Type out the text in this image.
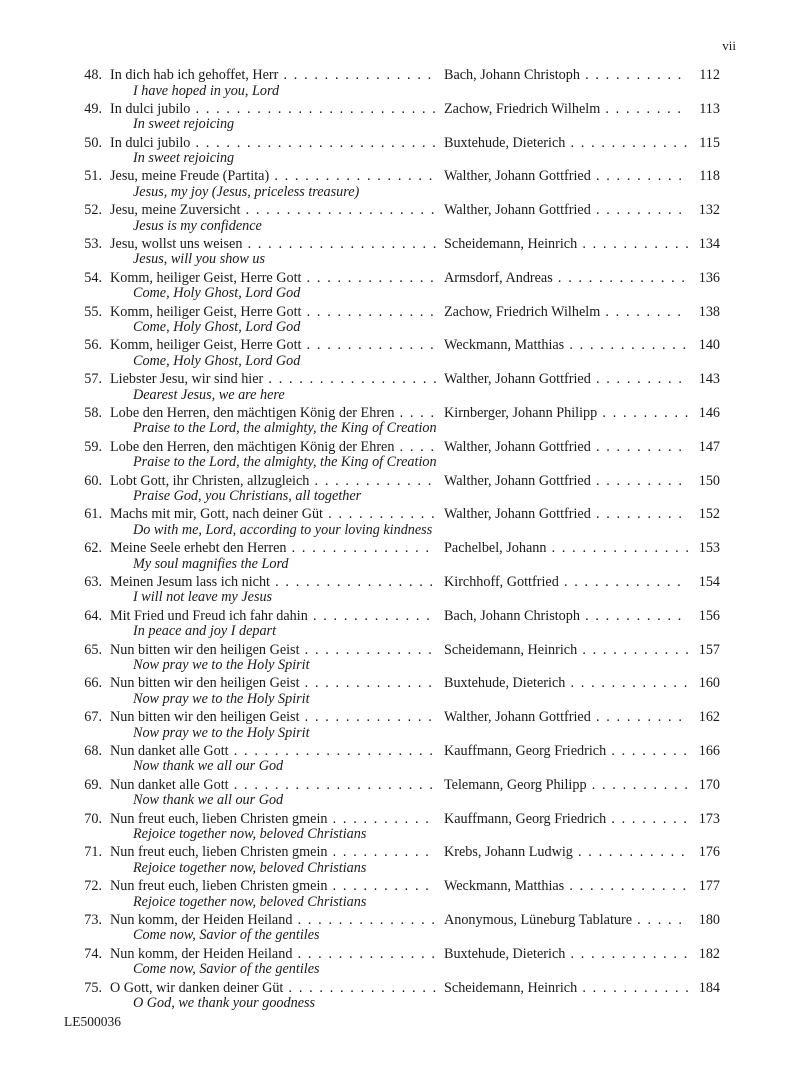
vii
48. In dich hab ich gehoffet, Herr . . .	Bach, Johann Christoph . . .	112
I have hoped in you, Lord
49. In dulci jubilo . . .	Zachow, Friedrich Wilhelm . . .	113
In sweet rejoicing
50. In dulci jubilo . . .	Buxtehude, Dieterich . . .	115
In sweet rejoicing
51. Jesu, meine Freude (Partita) . . .	Walther, Johann Gottfried . . .	118
Jesus, my joy (Jesus, priceless treasure)
52. Jesu, meine Zuversicht . . .	Walther, Johann Gottfried . . .	132
Jesus is my confidence
53. Jesu, wollst uns weisen . . .	Scheidemann, Heinrich . . .	134
Jesus, will you show us
54. Komm, heiliger Geist, Herre Gott . . .	Armsdorf, Andreas . . .	136
Come, Holy Ghost, Lord God
55. Komm, heiliger Geist, Herre Gott . . .	Zachow, Friedrich Wilhelm . . .	138
Come, Holy Ghost, Lord God
56. Komm, heiliger Geist, Herre Gott . . .	Weckmann, Matthias . . .	140
Come, Holy Ghost, Lord God
57. Liebster Jesu, wir sind hier . . .	Walther, Johann Gottfried . . .	143
Dearest Jesus, we are here
58. Lobe den Herren, den mächtigen König der Ehren . . .	Kirnberger, Johann Philipp . . .	146
Praise to the Lord, the almighty, the King of Creation
59. Lobe den Herren, den mächtigen König der Ehren . . .	Walther, Johann Gottfried . . .	147
Praise to the Lord, the almighty, the King of Creation
60. Lobt Gott, ihr Christen, allzugleich . . .	Walther, Johann Gottfried . . .	150
Praise God, you Christians, all together
61. Machs mit mir, Gott, nach deiner Güt . . .	Walther, Johann Gottfried . . .	152
Do with me, Lord, according to your loving kindness
62. Meine Seele erhebt den Herren . . .	Pachelbel, Johann . . .	153
My soul magnifies the Lord
63. Meinen Jesum lass ich nicht . . .	Kirchhoff, Gottfried . . .	154
I will not leave my Jesus
64. Mit Fried und Freud ich fahr dahin . . .	Bach, Johann Christoph . . .	156
In peace and joy I depart
65. Nun bitten wir den heiligen Geist . . .	Scheidemann, Heinrich . . .	157
Now pray we to the Holy Spirit
66. Nun bitten wir den heiligen Geist . . .	Buxtehude, Dieterich . . .	160
Now pray we to the Holy Spirit
67. Nun bitten wir den heiligen Geist . . .	Walther, Johann Gottfried . . .	162
Now pray we to the Holy Spirit
68. Nun danket alle Gott . . .	Kauffmann, Georg Friedrich . . .	166
Now thank we all our God
69. Nun danket alle Gott . . .	Telemann, Georg Philipp . . .	170
Now thank we all our God
70. Nun freut euch, lieben Christen gmein . . .	Kauffmann, Georg Friedrich . . .	173
Rejoice together now, beloved Christians
71. Nun freut euch, lieben Christen gmein . . .	Krebs, Johann Ludwig . . .	176
Rejoice together now, beloved Christians
72. Nun freut euch, lieben Christen gmein . . .	Weckmann, Matthias . . .	177
Rejoice together now, beloved Christians
73. Nun komm, der Heiden Heiland . . .	Anonymous, Lüneburg Tablature . . .	180
Come now, Savior of the gentiles
74. Nun komm, der Heiden Heiland . . .	Buxtehude, Dieterich . . .	182
Come now, Savior of the gentiles
75. O Gott, wir danken deiner Güt . . .	Scheidemann, Heinrich . . .	184
O God, we thank your goodness
LE500036
